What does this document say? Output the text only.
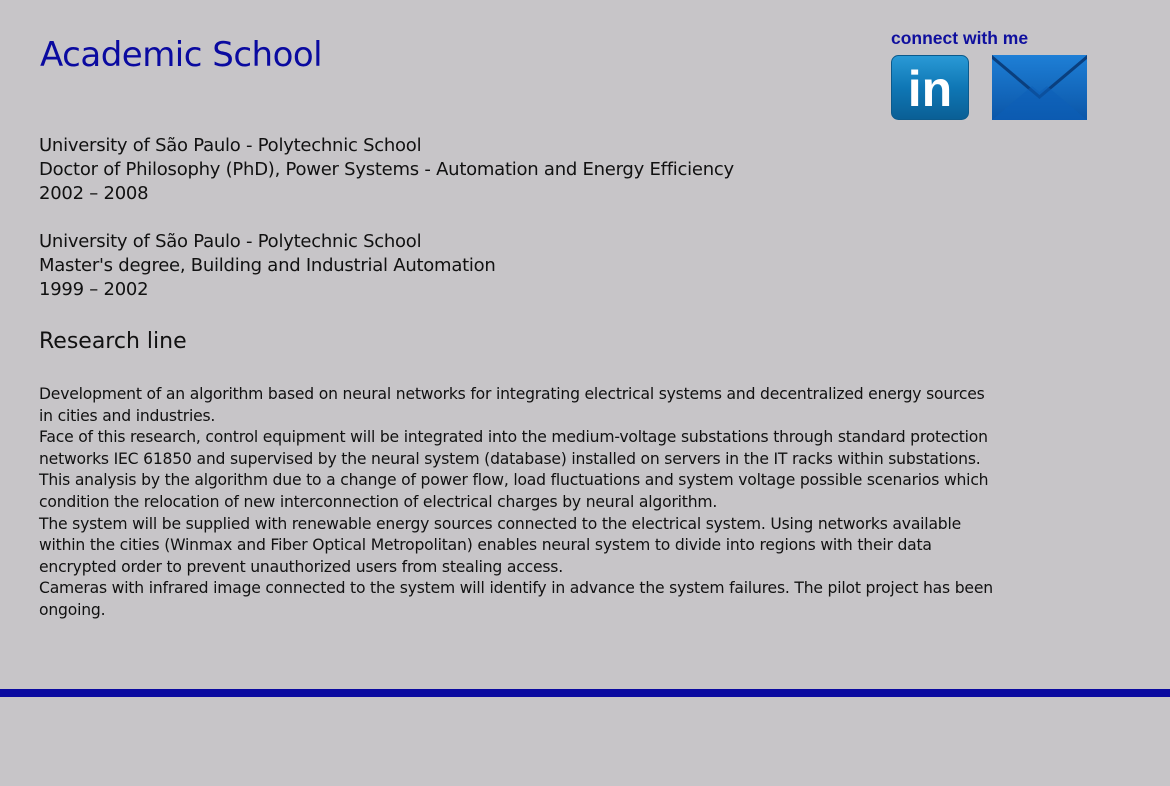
Academic School	connect with me
in
University of São Paulo - Polytechnic School
Doctor of Philosophy (PhD), Power Systems - Automation and Energy Efficiency
2002 – 2008
University of São Paulo - Polytechnic School
Master's degree, Building and Industrial Automation
1999 – 2002
Research line

Development of an algorithm based on neural networks for integrating electrical systems and decentralized energy sources in cities and industries.

Face of this research, control equipment will be integrated into the medium-voltage substations through standard protection networks IEC 61850 and supervised by the neural system (database) installed on servers in the IT racks within substations.

This analysis by the algorithm due to a change of power flow, load fluctuations and system voltage possible scenarios which condition the relocation of new interconnection of electrical charges by neural algorithm.

The system will be supplied with renewable energy sources connected to the electrical system. Using networks available within the cities (Winmax and Fiber Optical Metropolitan) enables neural system to divide into regions with their data encrypted order to prevent unauthorized users from stealing access.

Cameras with infrared image connected to the system will identify in advance the system failures. The pilot project has been ongoing.
